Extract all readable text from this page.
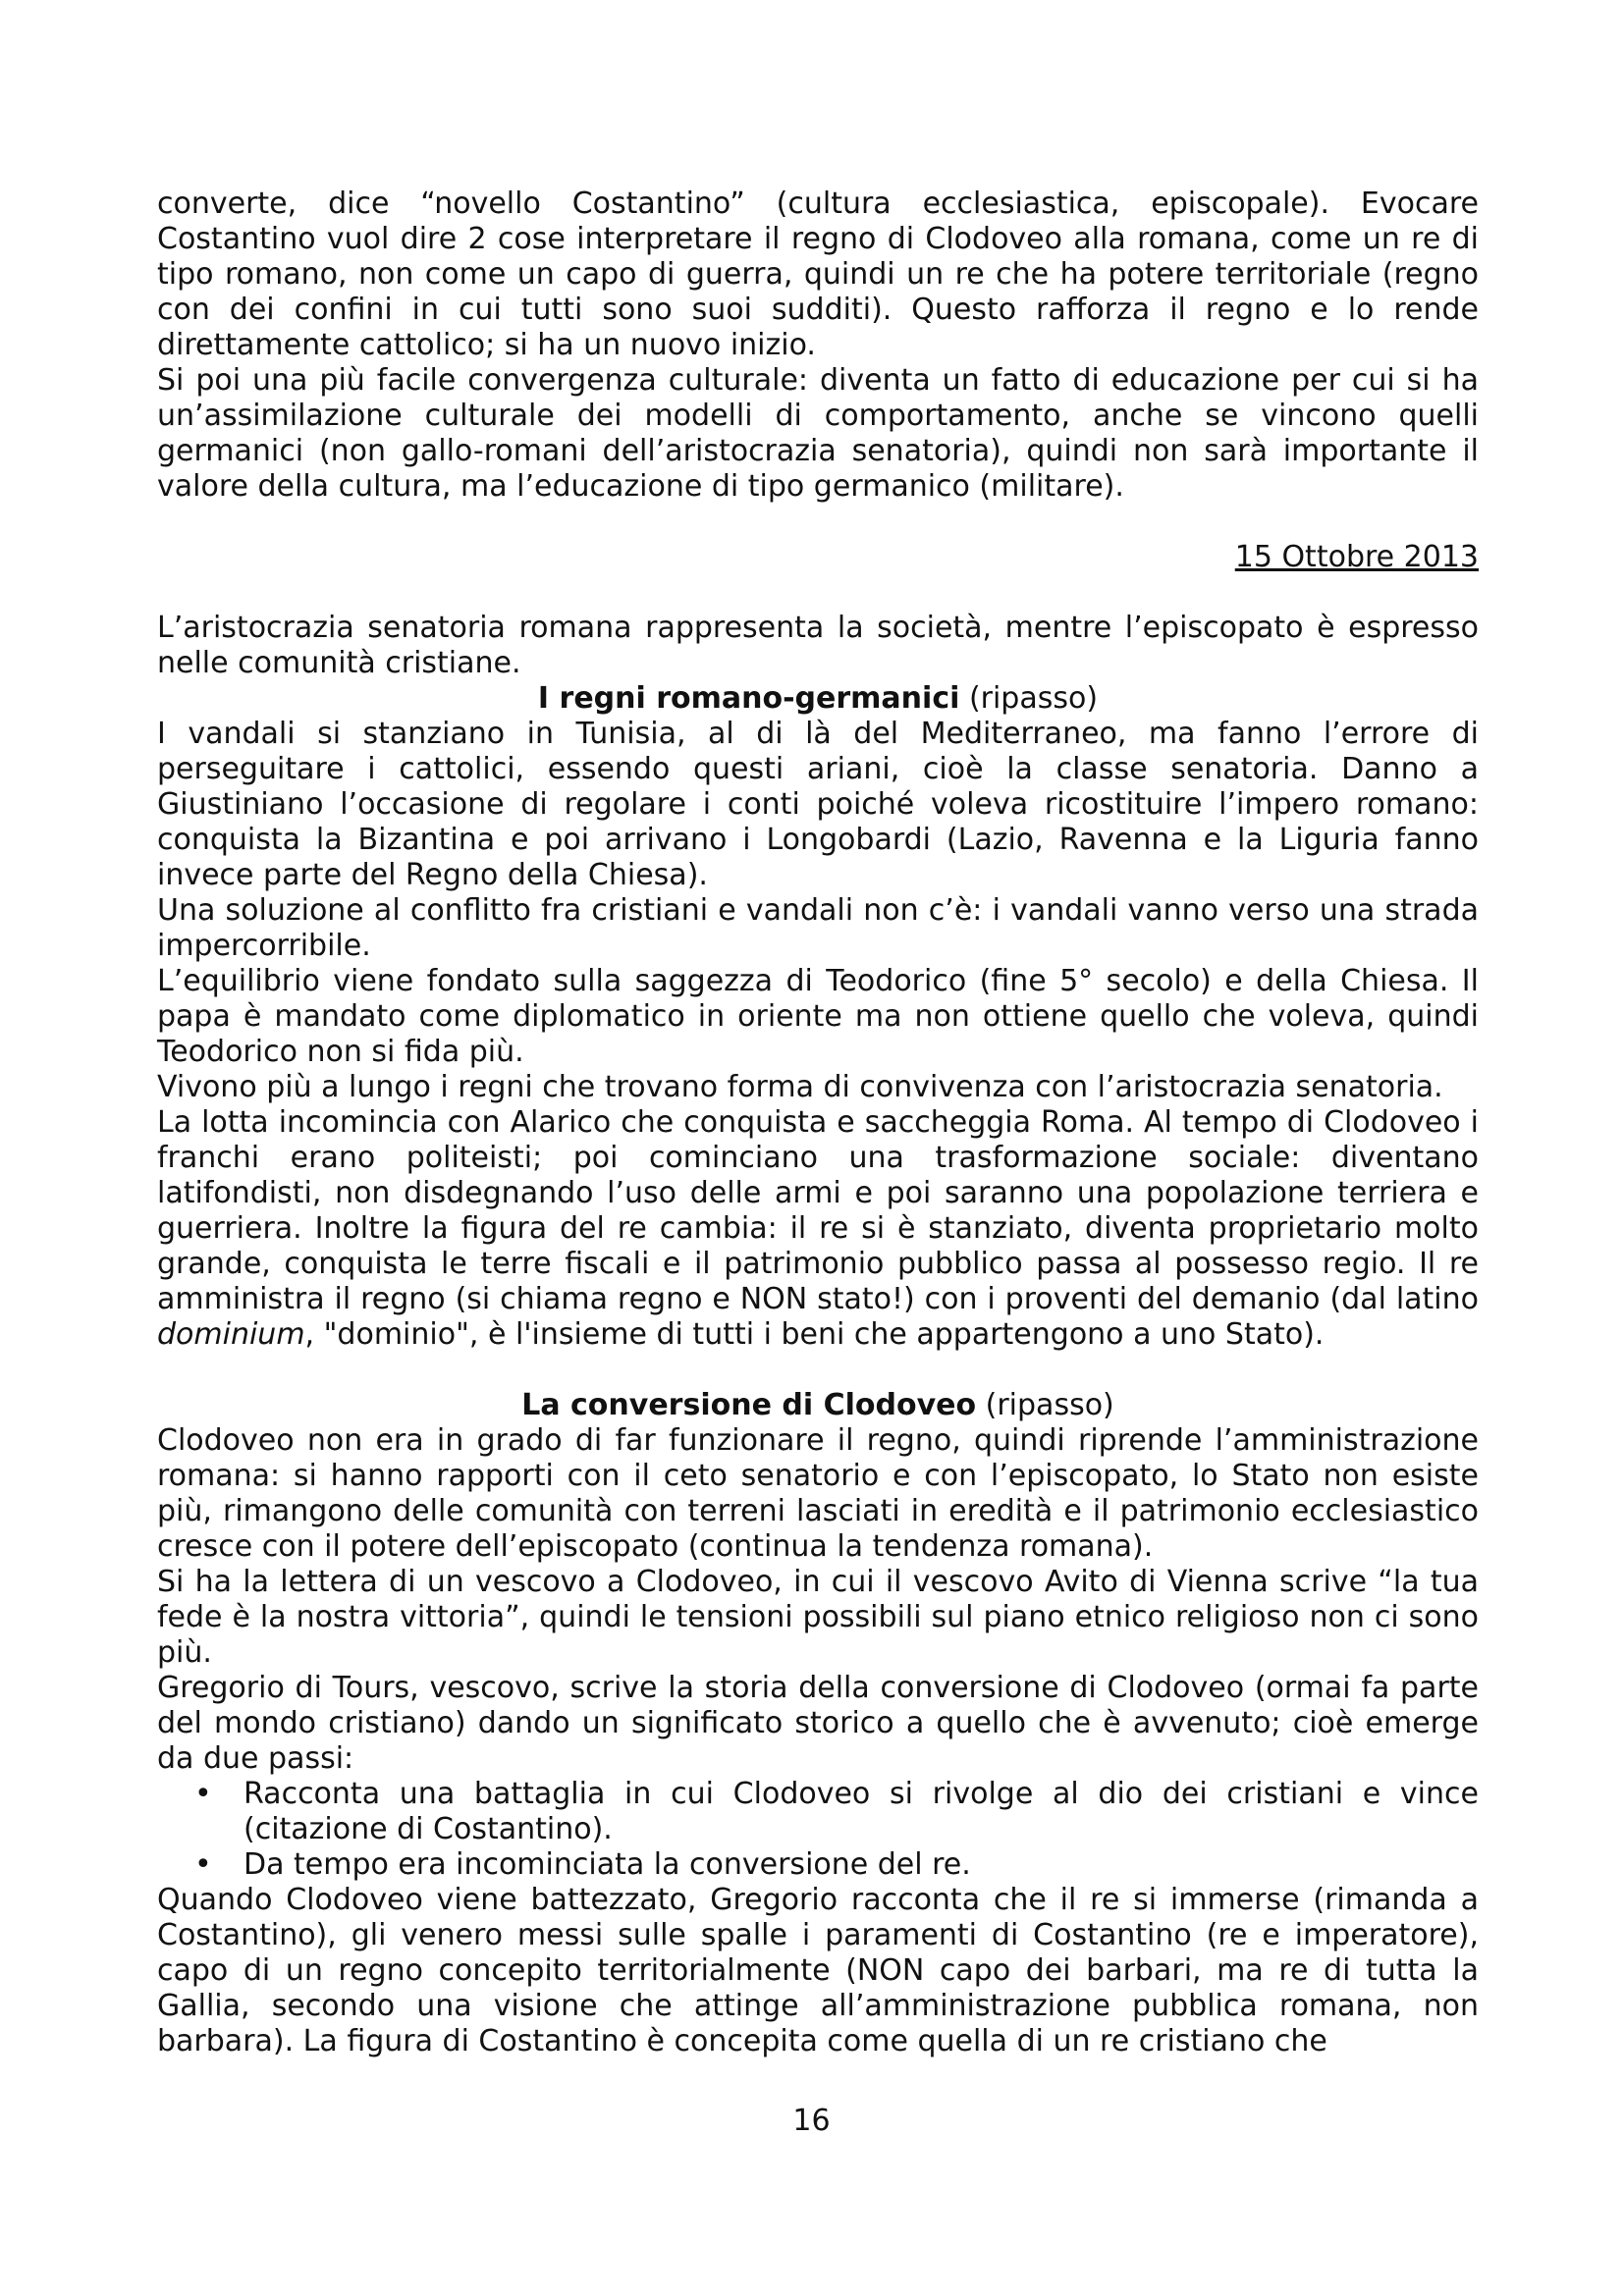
converte, dice “novello Costantino” (cultura ecclesiastica, episcopale). Evocare Costantino vuol dire 2 cose interpretare il regno di Clodoveo alla romana, come un re di tipo romano, non come un capo di guerra, quindi un re che ha potere territoriale (regno con dei confini in cui tutti sono suoi sudditi). Questo rafforza il regno e lo rende direttamente cattolico; si ha un nuovo inizio.

Si poi una più facile convergenza culturale: diventa un fatto di educazione per cui si ha un’assimilazione culturale dei modelli di comportamento, anche se vincono quelli germanici (non gallo-romani dell’aristocrazia senatoria), quindi non sarà importante il valore della cultura, ma l’educazione di tipo germanico (militare).

15 Ottobre 2013

L’aristocrazia senatoria romana rappresenta la società, mentre l’episcopato è espresso nelle comunità cristiane.

I regni romano-germanici (ripasso)

I vandali si stanziano in Tunisia, al di là del Mediterraneo, ma fanno l’errore di perseguitare i cattolici, essendo questi ariani, cioè la classe senatoria. Danno a Giustiniano l’occasione di regolare i conti poiché voleva ricostituire l’impero romano: conquista la Bizantina e poi arrivano i Longobardi (Lazio, Ravenna e la Liguria fanno invece parte del Regno della Chiesa).

Una soluzione al conflitto fra cristiani e vandali non c’è: i vandali vanno verso una strada impercorribile.

L’equilibrio viene fondato sulla saggezza di Teodorico (fine 5° secolo) e della Chiesa. Il papa è mandato come diplomatico in oriente ma non ottiene quello che voleva, quindi Teodorico non si fida più.

Vivono più a lungo i regni che trovano forma di convivenza con l’aristocrazia senatoria.

La lotta incomincia con Alarico che conquista e saccheggia Roma. Al tempo di Clodoveo i franchi erano politeisti; poi cominciano una trasformazione sociale: diventano latifondisti, non disdegnando l’uso delle armi e poi saranno una popolazione terriera e guerriera. Inoltre la figura del re cambia: il re si è stanziato, diventa proprietario molto grande, conquista le terre fiscali e il patrimonio pubblico passa al possesso regio. Il re amministra il regno (si chiama regno e NON stato!) con i proventi del demanio (dal latino dominium, "dominio", è l'insieme di tutti i beni che appartengono a uno Stato).

La conversione di Clodoveo (ripasso)

Clodoveo non era in grado di far funzionare il regno, quindi riprende l’amministrazione romana: si hanno rapporti con il ceto senatorio e con l’episcopato, lo Stato non esiste più, rimangono delle comunità con terreni lasciati in eredità e il patrimonio ecclesiastico cresce con il potere dell’episcopato (continua la tendenza romana).

Si ha la lettera di un vescovo a Clodoveo, in cui il vescovo Avito di Vienna scrive “la tua fede è la nostra vittoria”, quindi le tensioni possibili sul piano etnico religioso non ci sono più.

Gregorio di Tours, vescovo, scrive la storia della conversione di Clodoveo (ormai fa parte del mondo cristiano) dando un significato storico a quello che è avvenuto; cioè emerge da due passi:

• Racconta una battaglia in cui Clodoveo si rivolge al dio dei cristiani e vince (citazione di Costantino).
• Da tempo era incominciata la conversione del re.

Quando Clodoveo viene battezzato, Gregorio racconta che il re si immerse (rimanda a Costantino), gli venero messi sulle spalle i paramenti di Costantino (re e imperatore), capo di un regno concepito territorialmente (NON capo dei barbari, ma re di tutta la Gallia, secondo una visione che attinge all’amministrazione pubblica romana, non barbara). La figura di Costantino è concepita come quella di un re cristiano che

16
